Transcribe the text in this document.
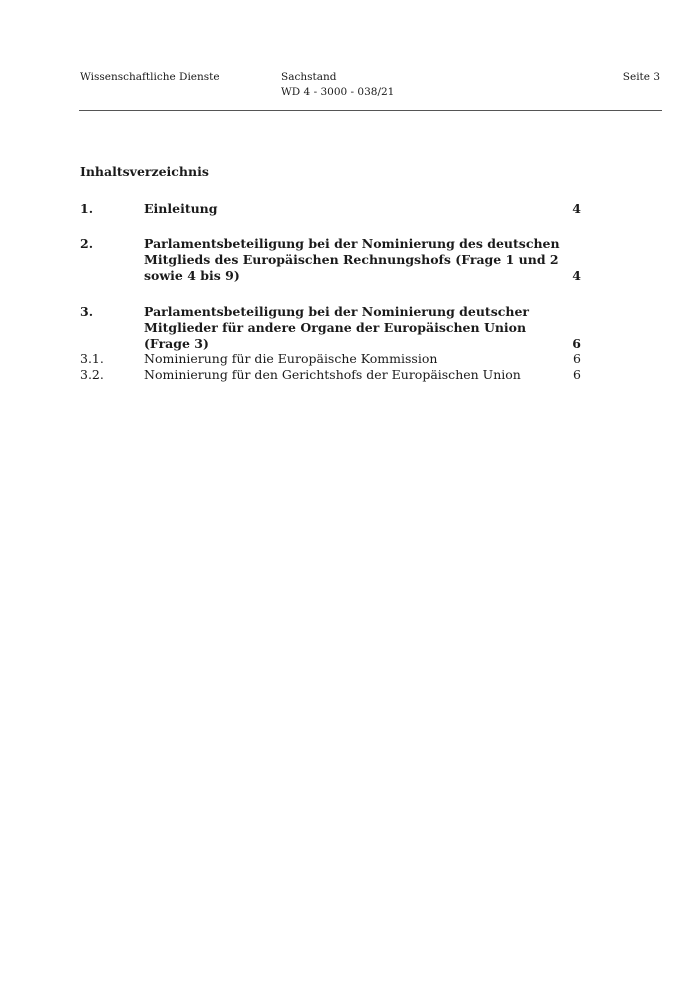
Wissenschaftliche Dienste	Sachstand
WD 4 - 3000 - 038/21
Seite 3
Inhaltsverzeichnis
1.	Einleitung	4
2.	Parlamentsbeteiligung bei der Nominierung des deutschen
Mitglieds des Europäischen Rechnungshofs (Frage 1 und 2
sowie 4 bis 9)	4
3.	Parlamentsbeteiligung bei der Nominierung deutscher
Mitglieder für andere Organe der Europäischen Union
(Frage 3)	6
3.1.	Nominierung für die Europäische Kommission	6
3.2.	Nominierung für den Gerichtshofs der Europäischen Union	6
